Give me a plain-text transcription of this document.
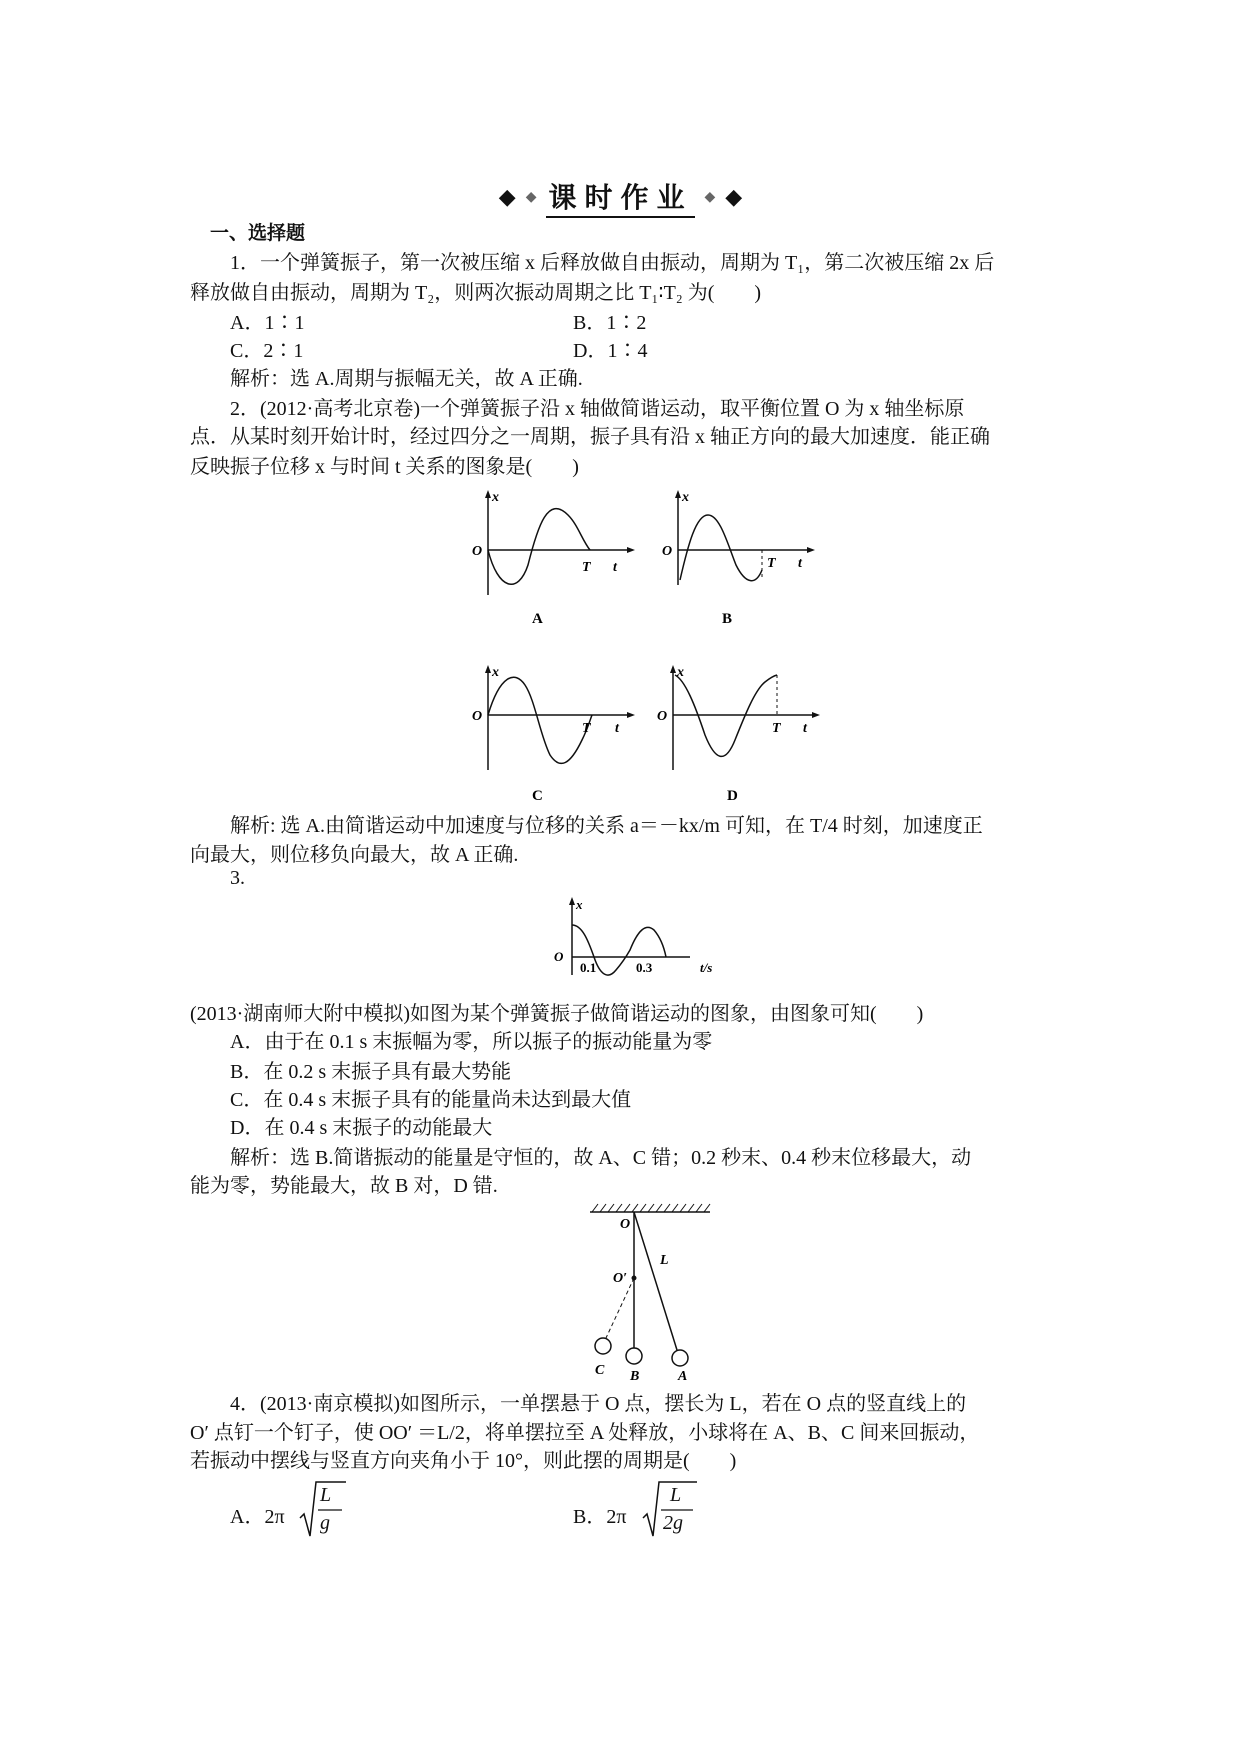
◆ ◆ 课时作业 ◆ ◆
一、选择题
1．一个弹簧振子，第一次被压缩 x 后释放做自由振动，周期为 T₁，第二次被压缩 2x 后
释放做自由振动，周期为 T₂，则两次振动周期之比 T₁∶T₂ 为(　　)
A．1∶1	B．1∶2
C．2∶1	D．1∶4
解析：选 A.周期与振幅无关，故 A 正确.
2．(2012·高考北京卷)一个弹簧振子沿 x 轴做简谐运动，取平衡位置 O 为 x 轴坐标原
点．从某时刻开始计时，经过四分之一周期，振子具有沿 x 轴正方向的最大加速度．能正确
反映振子位移 x 与时间 t 关系的图象是(　　)
x
O
T t
A
x
O
T t
B
x
O
T t
C
x
O
T t
D
解析: 选 A.由简谐运动中加速度与位移的关系 a＝－kx/m 可知，在 T/4 时刻，加速度正
向最大，则位移负向最大，故 A 正确.
3.
x
O
0.1	0.3	t/s
(2013·湖南师大附中模拟)如图为某个弹簧振子做简谐运动的图象，由图象可知(　　)
A．由于在 0.1 s 末振幅为零，所以振子的振动能量为零
B．在 0.2 s 末振子具有最大势能
C．在 0.4 s 末振子具有的能量尚未达到最大值
D．在 0.4 s 末振子的动能最大
解析：选 B.简谐振动的能量是守恒的，故 A、C 错；0.2 秒末、0.4 秒末位移最大，动
能为零，势能最大，故 B 对，D 错.
O
O′
L
C B	A
4．(2013·南京模拟)如图所示，一单摆悬于 O 点，摆长为 L，若在 O 点的竖直线上的
O′ 点钉一个钉子，使 OO′ ＝L/2，将单摆拉至 A 处释放，小球将在 A、B、C 间来回振动，
若振动中摆线与竖直方向夹角小于 10°，则此摆的周期是(　　)
A．2π
L
g	B．2π
L
2g
